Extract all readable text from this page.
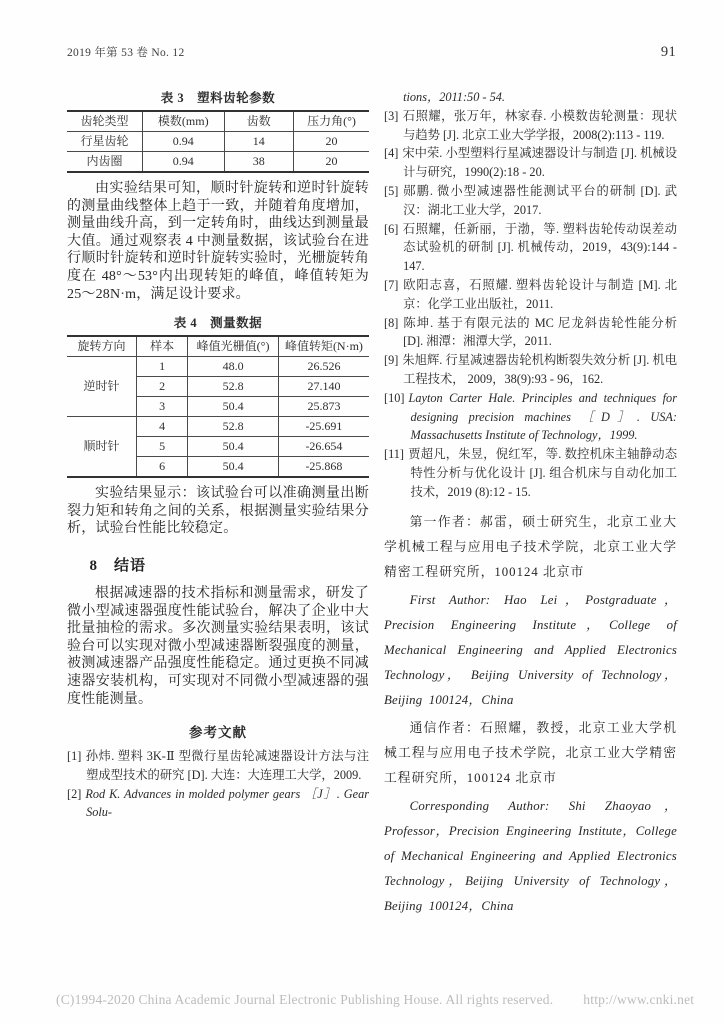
2019 年第 53 卷 No. 12	91
表 3　塑料齿轮参数
齿轮类型	模数(mm)	齿数	压力角(°)
行星齿轮	0.94	14	20
内齿圈	0.94	38	20

由实验结果可知，顺时针旋转和逆时针旋转的测量曲线整体上趋于一致，并随着角度增加，测量曲线升高，到一定转角时，曲线达到测量最大值。通过观察表 4 中测量数据，该试验台在进行顺时针旋转和逆时针旋转实验时，光栅旋转角度在 48°～53°内出现转矩的峰值，峰值转矩为 25～28N·m，满足设计要求。

表 4　测量数据
旋转方向	样本	峰值光栅值(°)	峰值转矩(N·m)
逆时针	1	48.0	26.526
	2	52.8	27.140
	3	50.4	25.873
顺时针	4	52.8	-25.691
	5	50.4	-26.654
	6	50.4	-25.868

实验结果显示：该试验台可以准确测量出断裂力矩和转角之间的关系，根据测量实验结果分析，试验台性能比较稳定。

8　结语

根据减速器的技术指标和测量需求，研发了微小型减速器强度性能试验台，解决了企业中大批量抽检的需求。多次测量实验结果表明，该试验台可以实现对微小型减速器断裂强度的测量，被测减速器产品强度性能稳定。通过更换不同减速器安装机构，可实现对不同微小型减速器的强度性能测量。

参考文献
[1] 孙炜. 塑料 3K-Ⅱ 型微行星齿轮减速器设计方法与注塑成型技术的研究 [D]. 大连：大连理工大学，2009.
[2] Rod K. Advances in molded polymer gears ［J］. Gear Solu-
tions，2011:50 - 54.
[3] 石照耀，张万年，林家春. 小模数齿轮测量：现状与趋势 [J]. 北京工业大学学报，2008(2):113 - 119.
[4] 宋中荣. 小型塑料行星减速器设计与制造 [J]. 机械设计与研究，1990(2):18 - 20.
[5] 郧鹏. 微小型减速器性能测试平台的研制 [D]. 武汉：湖北工业大学，2017.
[6] 石照耀，任新丽，于渤，等. 塑料齿轮传动误差动态试验机的研制 [J]. 机械传动，2019，43(9):144 - 147.
[7] 欧阳志喜，石照耀. 塑料齿轮设计与制造 [M]. 北京：化学工业出版社，2011.
[8] 陈坤. 基于有限元法的 MC 尼龙斜齿轮性能分析 [D]. 湘潭：湘潭大学，2011.
[9] 朱旭辉. 行星减速器齿轮机构断裂失效分析 [J]. 机电工程技术， 2009，38(9):93 - 96，162.
[10] Layton Carter Hale. Principles and techniques for designing precision machines ［D］. USA: Massachusetts Institute of Technology，1999.
[11] 贾超凡，朱昱，倪红军，等. 数控机床主轴静动态特性分析与优化设计 [J]. 组合机床与自动化加工技术，2019 (8):12 - 15.

第一作者：郝雷，硕士研究生，北京工业大学机械工程与应用电子技术学院，北京工业大学精密工程研究所，100124 北京市

First Author: Hao Lei，Postgraduate， Precision Engineering Institute，College of Mechanical Engineering and Applied Electronics Technology， Beijing University of Technology， Beijing 100124，China

通信作者：石照耀，教授，北京工业大学机械工程与应用电子技术学院，北京工业大学精密工程研究所，100124 北京市

Corresponding Author: Shi Zhaoyao，Professor，Precision Engineering Institute，College of Mechanical Engineering and Applied Electronics Technology，Beijing University of Technology，Beijing 100124，China

(C)1994-2020 China Academic Journal Electronic Publishing House. All rights reserved. http://www.cnki.net
